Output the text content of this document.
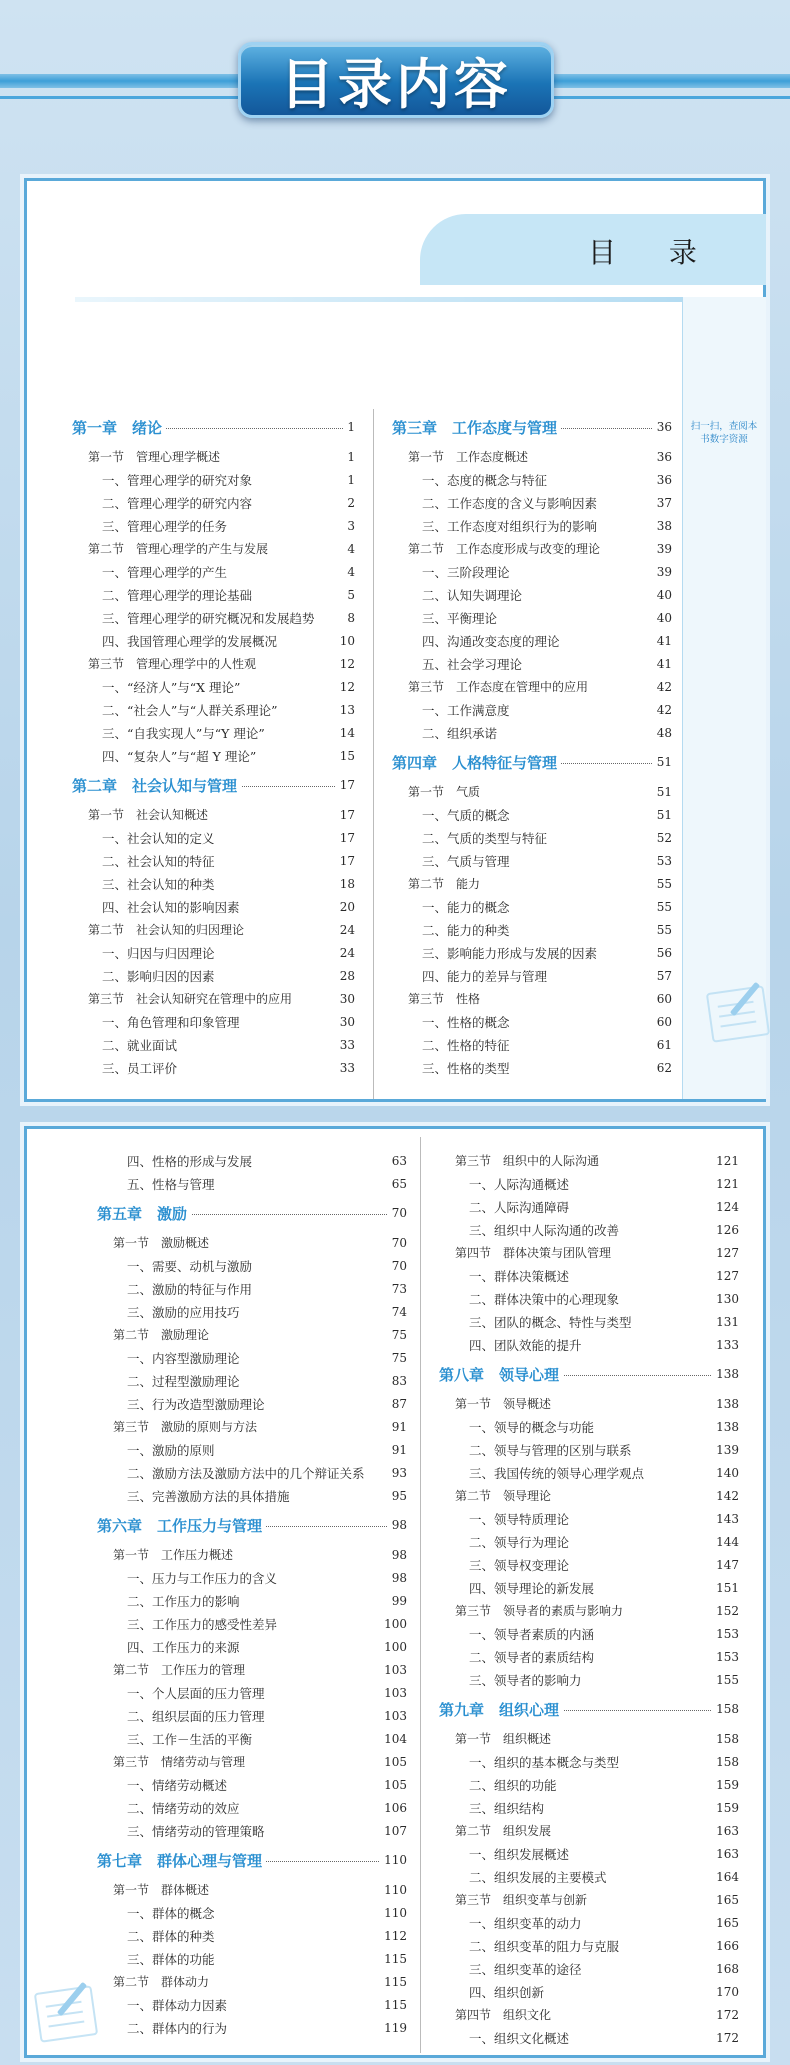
目录内容
目 录
扫一扫，查阅本书数字资源
第一章　绪论	1
第一节　管理心理学概述	1
一、管理心理学的研究对象	1
二、管理心理学的研究内容	2
三、管理心理学的任务	3
第二节　管理心理学的产生与发展	4
一、管理心理学的产生	4
二、管理心理学的理论基础	5
三、管理心理学的研究概况和发展趋势	8
四、我国管理心理学的发展概况	10
第三节　管理心理学中的人性观	12
一、“经济人”与“X 理论”	12
二、“社会人”与“人群关系理论”	13
三、“自我实现人”与“Y 理论”	14
四、“复杂人”与“超 Y 理论”	15
第二章　社会认知与管理	17
第一节　社会认知概述	17
一、社会认知的定义	17
二、社会认知的特征	17
三、社会认知的种类	18
四、社会认知的影响因素	20
第二节　社会认知的归因理论	24
一、归因与归因理论	24
二、影响归因的因素	28
第三节　社会认知研究在管理中的应用	30
一、角色管理和印象管理	30
二、就业面试	33
三、员工评价	33
第三章　工作态度与管理	36
第一节　工作态度概述	36
一、态度的概念与特征	36
二、工作态度的含义与影响因素	37
三、工作态度对组织行为的影响	38
第二节　工作态度形成与改变的理论	39
一、三阶段理论	39
二、认知失调理论	40
三、平衡理论	40
四、沟通改变态度的理论	41
五、社会学习理论	41
第三节　工作态度在管理中的应用	42
一、工作满意度	42
二、组织承诺	48
第四章　人格特征与管理	51
第一节　气质	51
一、气质的概念	51
二、气质的类型与特征	52
三、气质与管理	53
第二节　能力	55
一、能力的概念	55
二、能力的种类	55
三、影响能力形成与发展的因素	56
四、能力的差异与管理	57
第三节　性格	60
一、性格的概念	60
二、性格的特征	61
三、性格的类型	62
四、性格的形成与发展	63
五、性格与管理	65
第五章　激励	70
第一节　激励概述	70
一、需要、动机与激励	70
二、激励的特征与作用	73
三、激励的应用技巧	74
第二节　激励理论	75
一、内容型激励理论	75
二、过程型激励理论	83
三、行为改造型激励理论	87
第三节　激励的原则与方法	91
一、激励的原则	91
二、激励方法及激励方法中的几个辩证关系	93
三、完善激励方法的具体措施	95
第六章　工作压力与管理	98
第一节　工作压力概述	98
一、压力与工作压力的含义	98
二、工作压力的影响	99
三、工作压力的感受性差异	100
四、工作压力的来源	100
第二节　工作压力的管理	103
一、个人层面的压力管理	103
二、组织层面的压力管理	103
三、工作－生活的平衡	104
第三节　情绪劳动与管理	105
一、情绪劳动概述	105
二、情绪劳动的效应	106
三、情绪劳动的管理策略	107
第七章　群体心理与管理	110
第一节　群体概述	110
一、群体的概念	110
二、群体的种类	112
三、群体的功能	115
第二节　群体动力	115
一、群体动力因素	115
二、群体内的行为	119
第三节　组织中的人际沟通	121
一、人际沟通概述	121
二、人际沟通障碍	124
三、组织中人际沟通的改善	126
第四节　群体决策与团队管理	127
一、群体决策概述	127
二、群体决策中的心理现象	130
三、团队的概念、特性与类型	131
四、团队效能的提升	133
第八章　领导心理	138
第一节　领导概述	138
一、领导的概念与功能	138
二、领导与管理的区别与联系	139
三、我国传统的领导心理学观点	140
第二节　领导理论	142
一、领导特质理论	143
二、领导行为理论	144
三、领导权变理论	147
四、领导理论的新发展	151
第三节　领导者的素质与影响力	152
一、领导者素质的内涵	153
二、领导者的素质结构	153
三、领导者的影响力	155
第九章　组织心理	158
第一节　组织概述	158
一、组织的基本概念与类型	158
二、组织的功能	159
三、组织结构	159
第二节　组织发展	163
一、组织发展概述	163
二、组织发展的主要模式	164
第三节　组织变革与创新	165
一、组织变革的动力	165
二、组织变革的阻力与克服	166
三、组织变革的途径	168
四、组织创新	170
第四节　组织文化	172
一、组织文化概述	172
